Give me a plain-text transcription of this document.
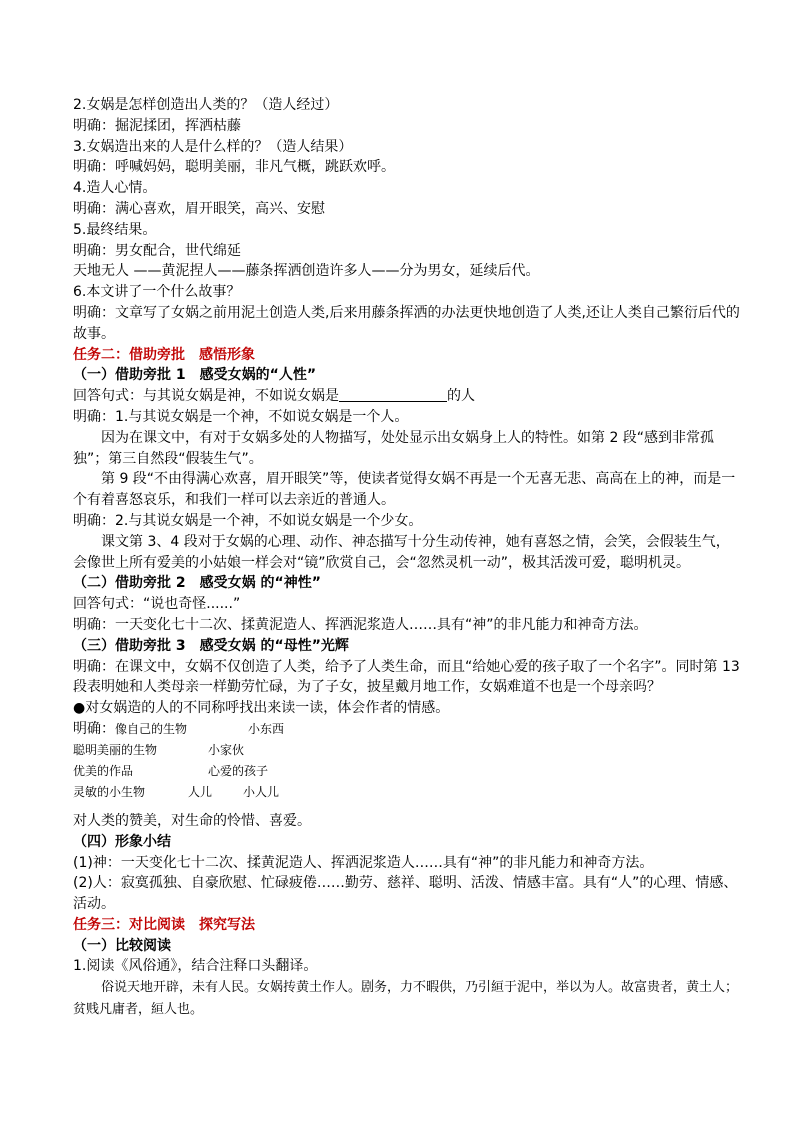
2.女娲是怎样创造出人类的？（造人经过）
明确：掘泥揉团，挥洒枯藤
3.女娲造出来的人是什么样的？（造人结果）
明确：呼喊妈妈，聪明美丽，非凡气概，跳跃欢呼。
4.造人心情。
明确：满心喜欢，眉开眼笑，高兴、安慰
5.最终结果。
明确：男女配合，世代绵延
天地无人 ——黄泥捏人——藤条挥洒创造许多人——分为男女，延续后代。
6.本文讲了一个什么故事？
明确：文章写了女娲之前用泥土创造人类,后来用藤条挥洒的办法更快地创造了人类,还让人类自己繁衍后代的故事。
任务二：借助旁批　感悟形象
（一）借助旁批 1　感受女娲的“人性”
回答句式：与其说女娲是神，不如说女娲是	的人
明确：1.与其说女娲是一个神，不如说女娲是一个人。
因为在课文中，有对于女娲多处的人物描写，处处显示出女娲身上人的特性。如第 2 段“感到非常孤独”；第三自然段“假装生气”。
第 9 段“不由得满心欢喜，眉开眼笑”等，使读者觉得女娲不再是一个无喜无悲、高高在上的神，而是一个有着喜怒哀乐，和我们一样可以去亲近的普通人。
明确：2.与其说女娲是一个神，不如说女娲是一个少女。
课文第 3、4 段对于女娲的心理、动作、神态描写十分生动传神，她有喜怒之情，会笑，会假装生气，会像世上所有爱美的小姑娘一样会对“镜”欣赏自己，会“忽然灵机一动”，极其活泼可爱，聪明机灵。
（二）借助旁批 2　感受女娲 的“神性”
回答句式：“说也奇怪......”
明确：一天变化七十二次、揉黄泥造人、挥洒泥浆造人……具有“神”的非凡能力和神奇方法。
（三）借助旁批 3　感受女娲 的“母性”光辉
明确：在课文中，女娲不仅创造了人类，给予了人类生命，而且“给她心爱的孩子取了一个名字”。同时第 13 段表明她和人类母亲一样勤劳忙碌，为了子女，披星戴月地工作，女娲难道不也是一个母亲吗？
●对女娲造的人的不同称呼找出来读一读，体会作者的情感。
明确：像自己的生物	小东西
聪明美丽的生物	小家伙
优美的作品	心爱的孩子
灵敏的小生物	人儿	小人儿
对人类的赞美，对生命的怜惜、喜爱。
（四）形象小结
(1)神：一天变化七十二次、揉黄泥造人、挥洒泥浆造人……具有“神”的非凡能力和神奇方法。
(2)人：寂寞孤独、自豪欣慰、忙碌疲倦……勤劳、慈祥、聪明、活泼、情感丰富。具有“人”的心理、情感、活动。
任务三：对比阅读　探究写法
（一）比较阅读
1.阅读《风俗通》，结合注释口头翻译。
俗说天地开辟，未有人民。女娲抟黄土作人。剧务，力不暇供，乃引絙于泥中，举以为人。故富贵者，黄土人；贫贱凡庸者，絙人也。
